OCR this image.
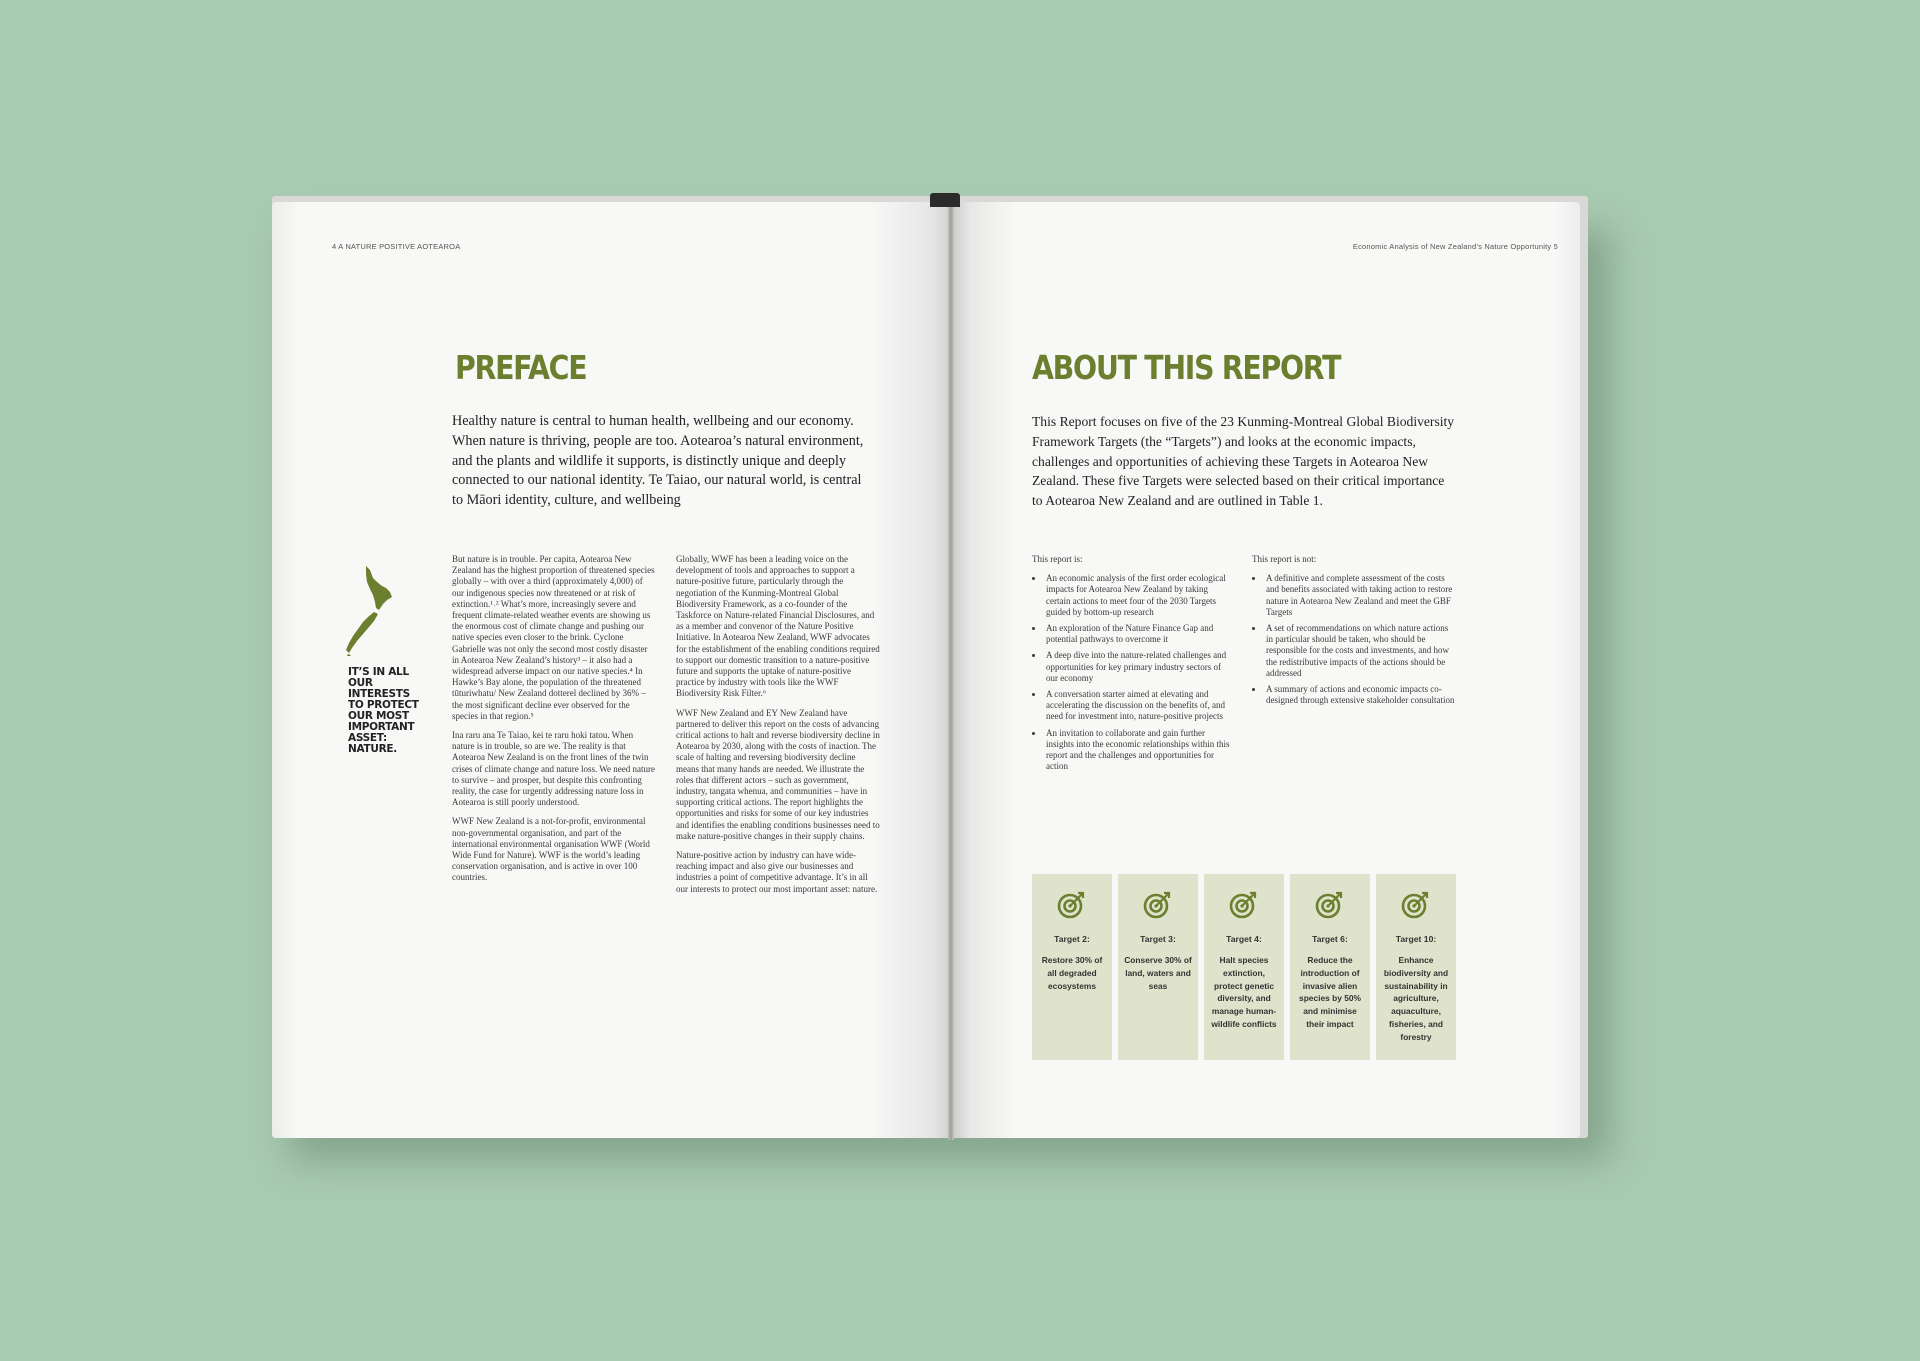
4 A NATURE POSITIVE AOTEAROA
PREFACE
Healthy nature is central to human health, wellbeing and our economy. When nature is thriving, people are too. Aotearoa’s natural environment, and the plants and wildlife it supports, is distinctly unique and deeply connected to our national identity. Te Taiao, our natural world, is central to Māori identity, culture, and wellbeing
IT’S IN ALL OUR INTERESTS TO PROTECT OUR MOST IMPORTANT ASSET: NATURE.

But nature is in trouble. Per capita, Aotearoa New Zealand has the highest proportion of threatened species globally – with over a third (approximately 4,000) of our indigenous species now threatened or at risk of extinction.¹˒² What’s more, increasingly severe and frequent climate-related weather events are showing us the enormous cost of climate change and pushing our native species even closer to the brink. Cyclone Gabrielle was not only the second most costly disaster in Aotearoa New Zealand’s history³ – it also had a widespread adverse impact on our native species.⁴ In Hawke’s Bay alone, the population of the threatened tūturiwhatu/ New Zealand dotterel declined by 36% – the most significant decline ever observed for the species in that region.⁵

Ina raru ana Te Taiao, kei te raru hoki tatou. When nature is in trouble, so are we. The reality is that Aotearoa New Zealand is on the front lines of the twin crises of climate change and nature loss. We need nature to survive – and prosper, but despite this confronting reality, the case for urgently addressing nature loss in Aotearoa is still poorly understood.

WWF New Zealand is a not-for-profit, environmental non-governmental organisation, and part of the international environmental organisation WWF (World Wide Fund for Nature). WWF is the world’s leading conservation organisation, and is active in over 100 countries.

Globally, WWF has been a leading voice on the development of tools and approaches to support a nature-positive future, particularly through the negotiation of the Kunming-Montreal Global Biodiversity Framework, as a co-founder of the Taskforce on Nature-related Financial Disclosures, and as a member and convenor of the Nature Positive Initiative. In Aotearoa New Zealand, WWF advocates for the establishment of the enabling conditions required to support our domestic transition to a nature-positive future and supports the uptake of nature-positive practice by industry with tools like the WWF Biodiversity Risk Filter.⁶

WWF New Zealand and EY New Zealand have partnered to deliver this report on the costs of advancing critical actions to halt and reverse biodiversity decline in Aotearoa by 2030, along with the costs of inaction. The scale of halting and reversing biodiversity decline means that many hands are needed. We illustrate the roles that different actors – such as government, industry, tangata whenua, and communities – have in supporting critical actions. The report highlights the opportunities and risks for some of our key industries and identifies the enabling conditions businesses need to make nature-positive changes in their supply chains.

Nature-positive action by industry can have wide-reaching impact and also give our businesses and industries a point of competitive advantage. It’s in all our interests to protect our most important asset: nature.

Economic Analysis of New Zealand’s Nature Opportunity 5
ABOUT THIS REPORT
This Report focuses on five of the 23 Kunming-Montreal Global Biodiversity Framework Targets (the “Targets”) and looks at the economic impacts, challenges and opportunities of achieving these Targets in Aotearoa New Zealand. These five Targets were selected based on their critical importance to Aotearoa New Zealand and are outlined in Table 1.
This report is:
• An economic analysis of the first order ecological impacts for Aotearoa New Zealand by taking certain actions to meet four of the 2030 Targets guided by bottom-up research
• An exploration of the Nature Finance Gap and potential pathways to overcome it
• A deep dive into the nature-related challenges and opportunities for key primary industry sectors of our economy
• A conversation starter aimed at elevating and accelerating the discussion on the benefits of, and need for investment into, nature-positive projects
• An invitation to collaborate and gain further insights into the economic relationships within this report and the challenges and opportunities for action
This report is not:
• A definitive and complete assessment of the costs and benefits associated with taking action to restore nature in Aotearoa New Zealand and meet the GBF Targets
• A set of recommendations on which nature actions in particular should be taken, who should be responsible for the costs and investments, and how the redistributive impacts of the actions should be addressed
• A summary of actions and economic impacts co-designed through extensive stakeholder consultation
Target 2:
Restore 30% of all degraded ecosystems
Target 3:
Conserve 30% of land, waters and seas
Target 4:
Halt species extinction, protect genetic diversity, and manage human-wildlife conflicts
Target 6:
Reduce the introduction of invasive alien species by 50% and minimise their impact
Target 10:
Enhance biodiversity and sustainability in agriculture, aquaculture, fisheries, and forestry
